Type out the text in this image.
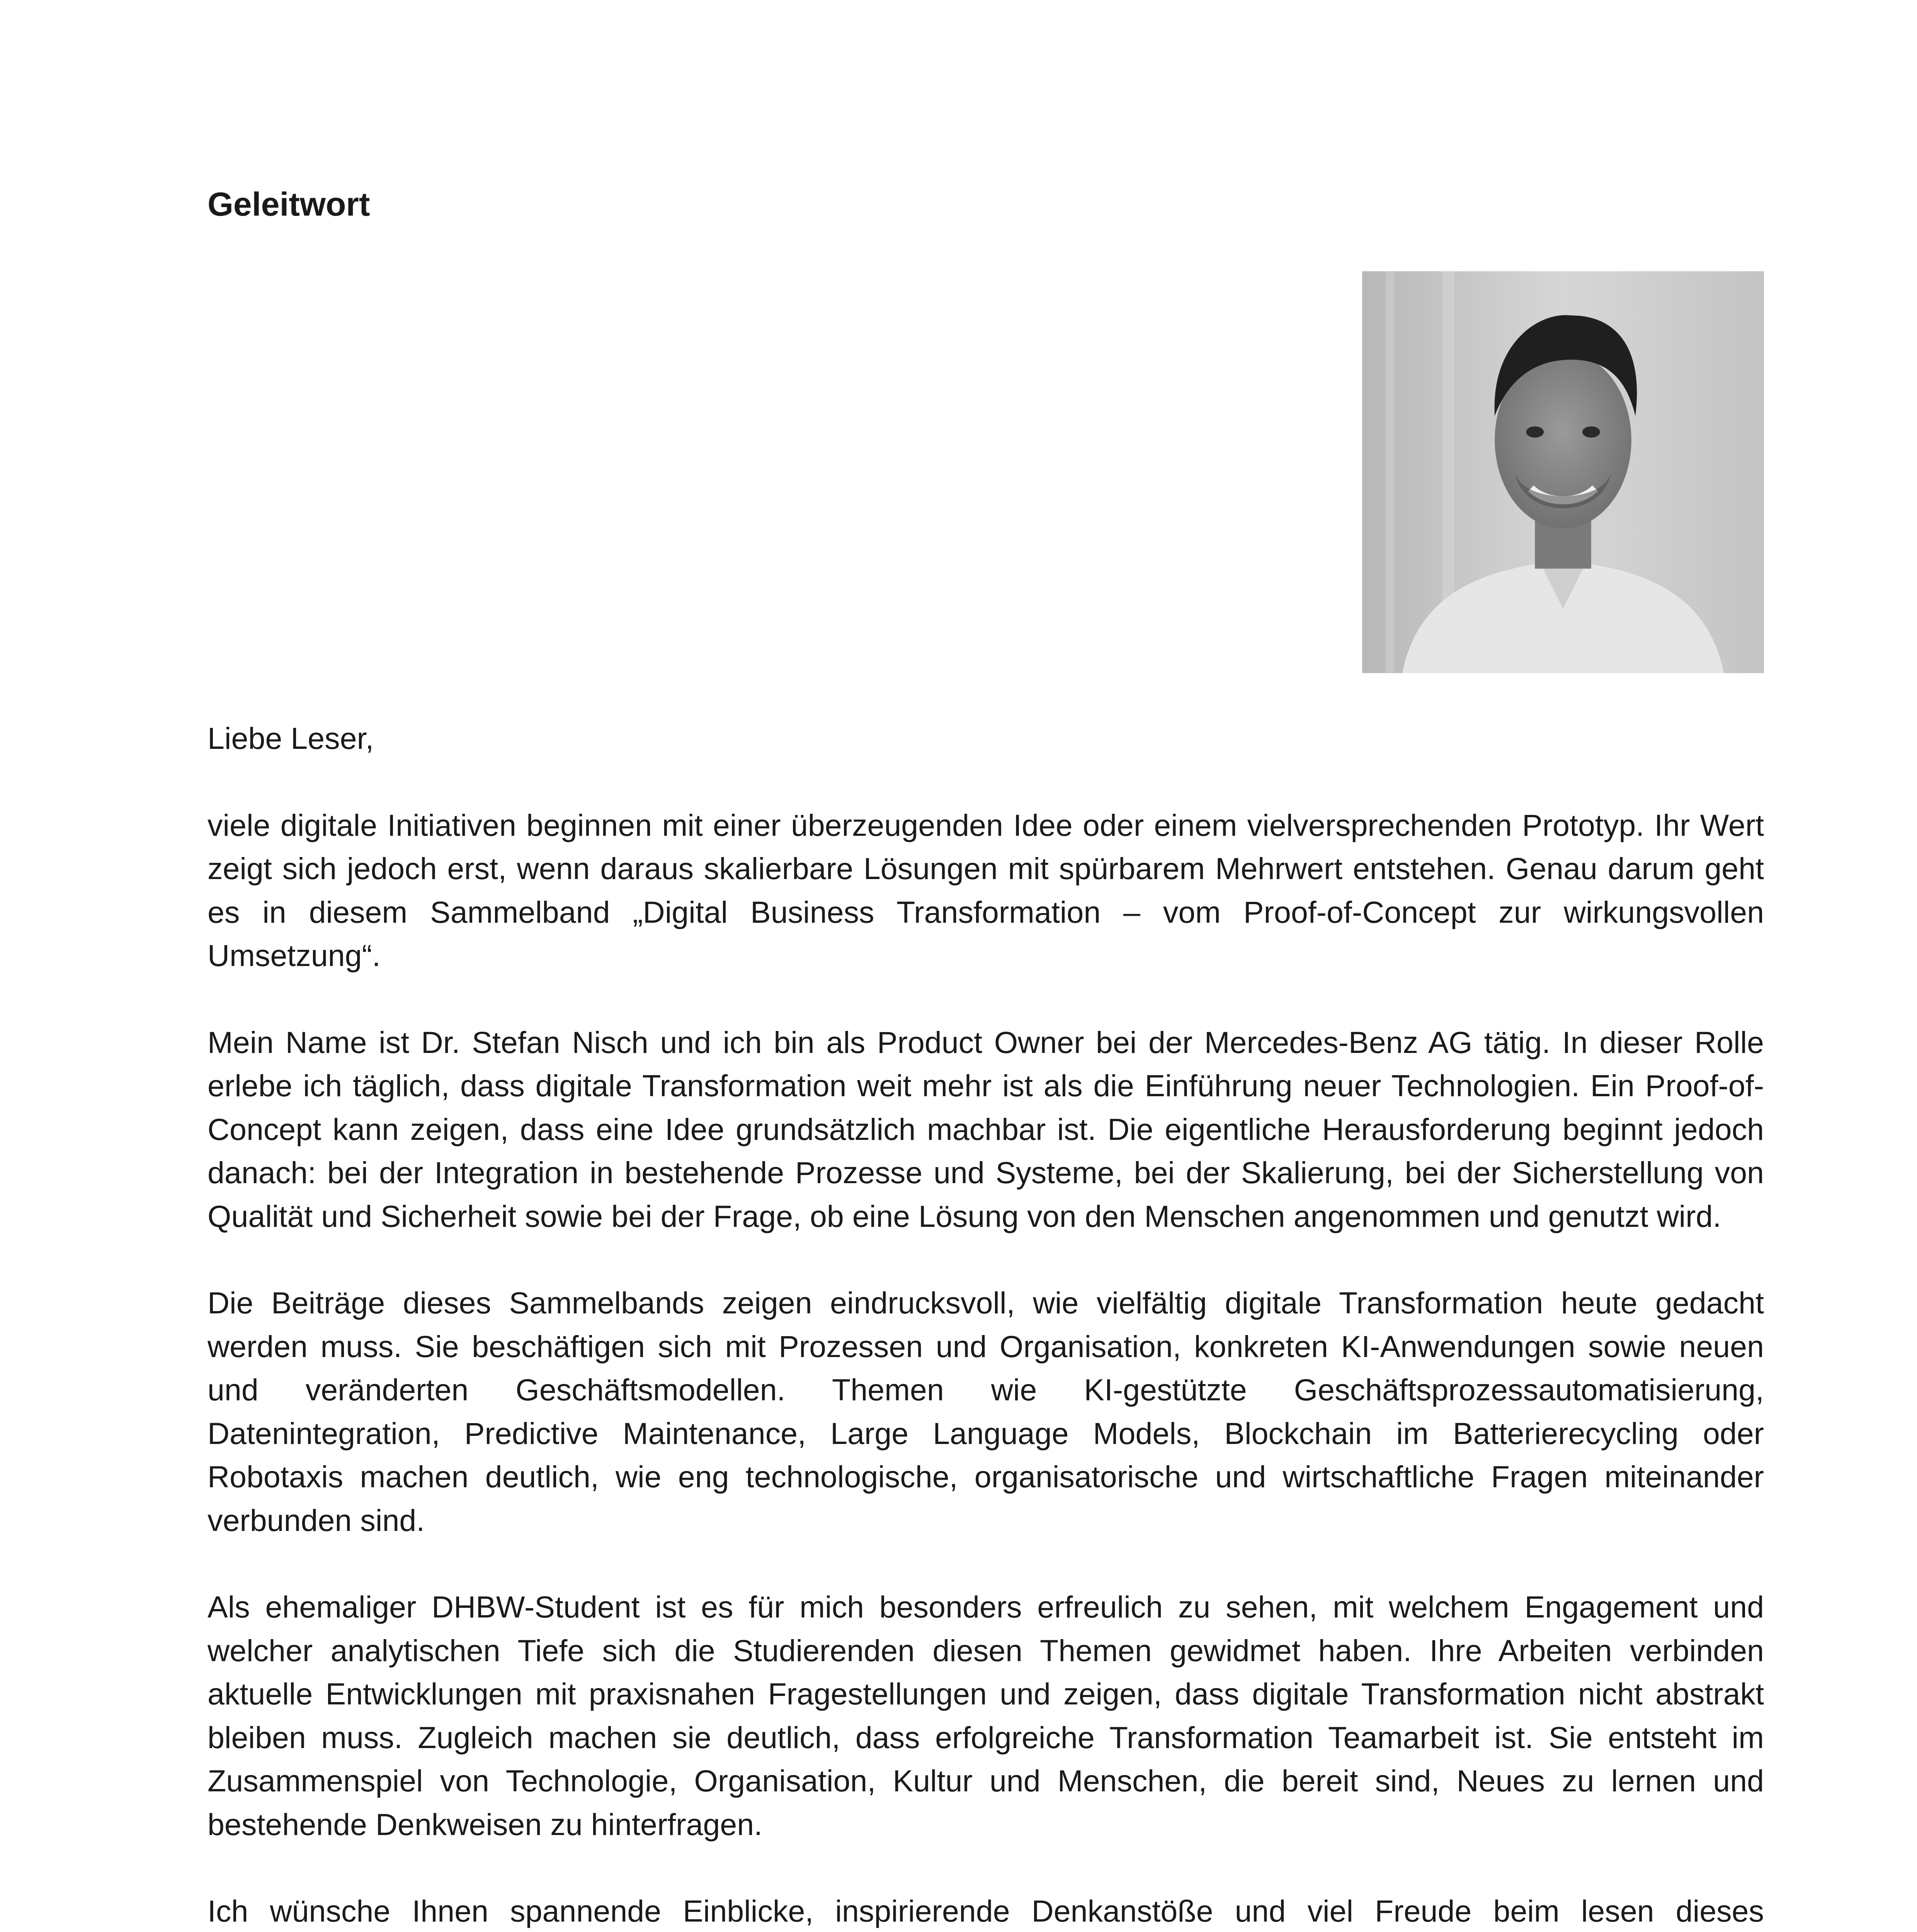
Geleitwort

Liebe Leser,

viele digitale Initiativen beginnen mit einer überzeugenden Idee oder einem vielversprechenden Prototyp. Ihr Wert zeigt sich jedoch erst, wenn daraus skalierbare Lösungen mit spürbarem Mehrwert entstehen. Genau darum geht es in diesem Sammelband „Digital Business Transformation – vom Proof-of-Concept zur wirkungsvollen Umsetzung“.

Mein Name ist Dr. Stefan Nisch und ich bin als Product Owner bei der Mercedes-Benz AG tätig. In dieser Rolle erlebe ich täglich, dass digitale Transformation weit mehr ist als die Einführung neuer Technologien. Ein Proof-of-Concept kann zeigen, dass eine Idee grundsätzlich machbar ist. Die eigentliche Herausforderung beginnt jedoch danach: bei der Integration in bestehende Prozesse und Systeme, bei der Skalierung, bei der Sicherstellung von Qualität und Sicherheit sowie bei der Frage, ob eine Lösung von den Menschen angenommen und genutzt wird.

Die Beiträge dieses Sammelbands zeigen eindrucksvoll, wie vielfältig digitale Transformation heute gedacht werden muss. Sie beschäftigen sich mit Prozessen und Organisation, konkreten KI-Anwendungen sowie neuen und veränderten Geschäftsmodellen. Themen wie KI-gestützte Geschäftsprozessautomatisierung, Datenintegration, Predictive Maintenance, Large Language Models, Blockchain im Batterierecycling oder Robotaxis machen deutlich, wie eng technologische, organisatorische und wirtschaftliche Fragen miteinander verbunden sind.

Als ehemaliger DHBW-Student ist es für mich besonders erfreulich zu sehen, mit welchem Engagement und welcher analytischen Tiefe sich die Studierenden diesen Themen gewidmet haben. Ihre Arbeiten verbinden aktuelle Entwicklungen mit praxisnahen Fragestellungen und zeigen, dass digitale Transformation nicht abstrakt bleiben muss. Zugleich machen sie deutlich, dass erfolgreiche Transformation Teamarbeit ist. Sie entsteht im Zusammenspiel von Technologie, Organisation, Kultur und Menschen, die bereit sind, Neues zu lernen und bestehende Denkweisen zu hinterfragen.

Ich wünsche Ihnen spannende Einblicke, inspirierende Denkanstöße und viel Freude beim lesen dieses
